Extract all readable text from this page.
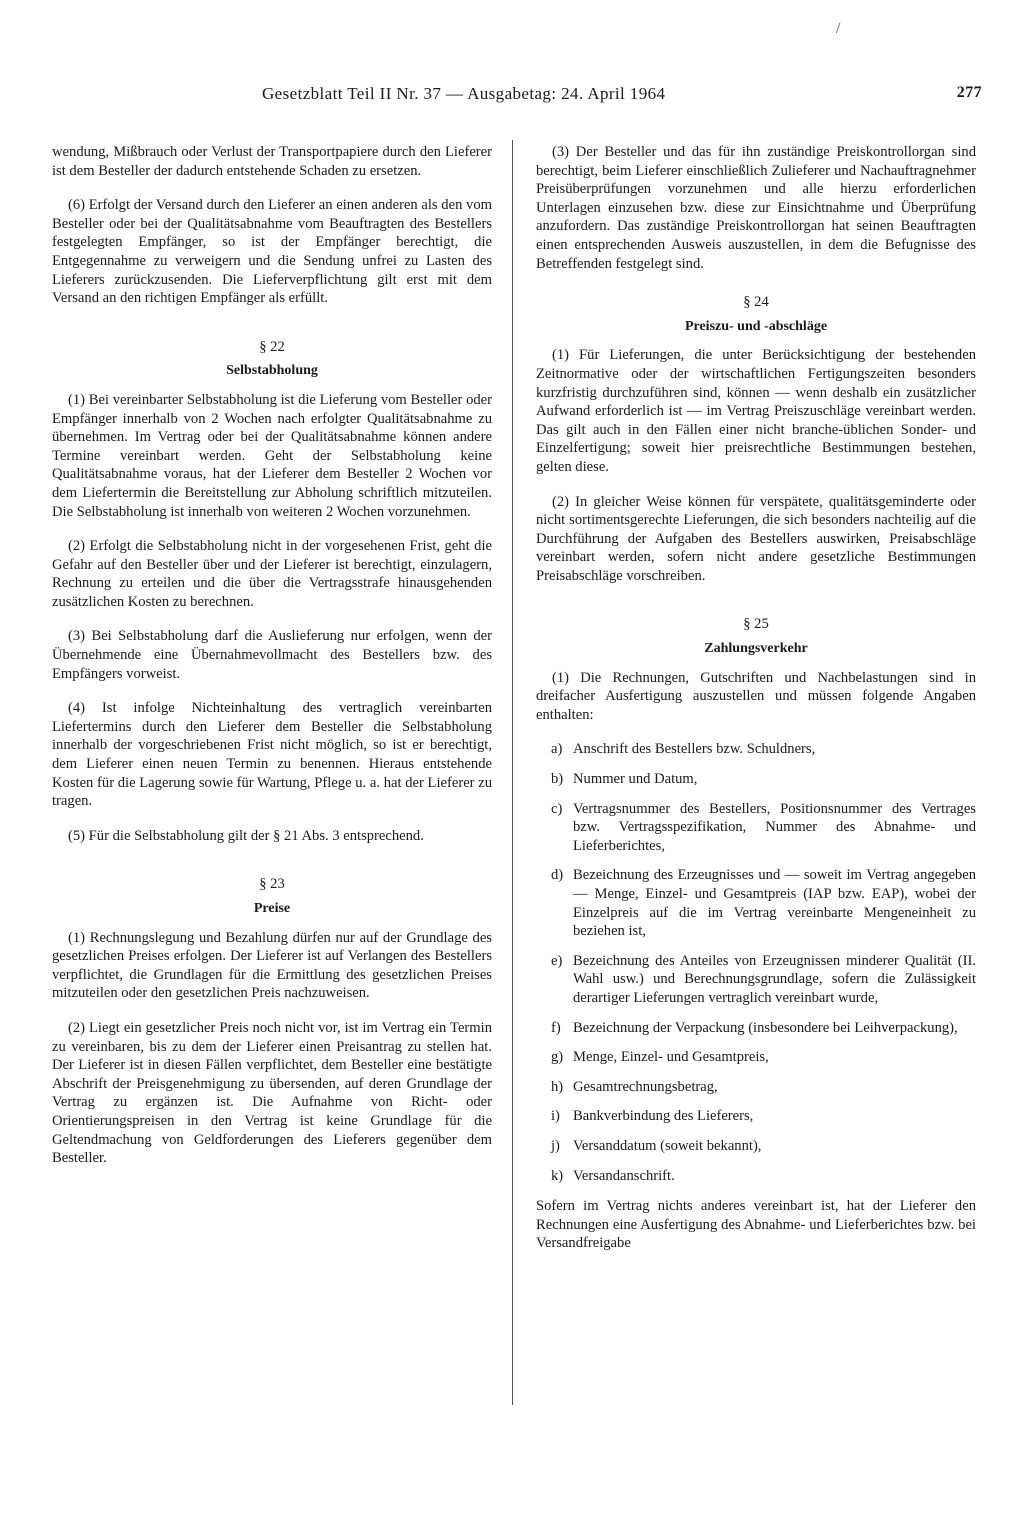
/
Gesetzblatt Teil II Nr. 37 — Ausgabetag: 24. April 1964	277

wendung, Mißbrauch oder Verlust der Transportpapiere durch den Lieferer ist dem Besteller der dadurch entstehende Schaden zu ersetzen.

(6) Erfolgt der Versand durch den Lieferer an einen anderen als den vom Besteller oder bei der Qualitätsabnahme vom Beauftragten des Bestellers festgelegten Empfänger, so ist der Empfänger berechtigt, die Entgegennahme zu verweigern und die Sendung unfrei zu Lasten des Lieferers zurückzusenden. Die Lieferverpflichtung gilt erst mit dem Versand an den richtigen Empfänger als erfüllt.

§ 22
Selbstabholung

(1) Bei vereinbarter Selbstabholung ist die Lieferung vom Besteller oder Empfänger innerhalb von 2 Wochen nach erfolgter Qualitätsabnahme zu übernehmen. Im Vertrag oder bei der Qualitätsabnahme können andere Termine vereinbart werden. Geht der Selbstabholung keine Qualitätsabnahme voraus, hat der Lieferer dem Besteller 2 Wochen vor dem Liefertermin die Bereitstellung zur Abholung schriftlich mitzuteilen. Die Selbstabholung ist innerhalb von weiteren 2 Wochen vorzunehmen.

(2) Erfolgt die Selbstabholung nicht in der vorgesehenen Frist, geht die Gefahr auf den Besteller über und der Lieferer ist berechtigt, einzulagern, Rechnung zu erteilen und die über die Vertragsstrafe hinausgehenden zusätzlichen Kosten zu berechnen.

(3) Bei Selbstabholung darf die Auslieferung nur erfolgen, wenn der Übernehmende eine Übernahmevollmacht des Bestellers bzw. des Empfängers vorweist.

(4) Ist infolge Nichteinhaltung des vertraglich vereinbarten Liefertermins durch den Lieferer dem Besteller die Selbstabholung innerhalb der vorgeschriebenen Frist nicht möglich, so ist er berechtigt, dem Lieferer einen neuen Termin zu benennen. Hieraus entstehende Kosten für die Lagerung sowie für Wartung, Pflege u. a. hat der Lieferer zu tragen.

(5) Für die Selbstabholung gilt der § 21 Abs. 3 entsprechend.

§ 23
Preise

(1) Rechnungslegung und Bezahlung dürfen nur auf der Grundlage des gesetzlichen Preises erfolgen. Der Lieferer ist auf Verlangen des Bestellers verpflichtet, die Grundlagen für die Ermittlung des gesetzlichen Preises mitzuteilen oder den gesetzlichen Preis nachzuweisen.

(2) Liegt ein gesetzlicher Preis noch nicht vor, ist im Vertrag ein Termin zu vereinbaren, bis zu dem der Lieferer einen Preisantrag zu stellen hat. Der Lieferer ist in diesen Fällen verpflichtet, dem Besteller eine bestätigte Abschrift der Preisgenehmigung zu übersenden, auf deren Grundlage der Vertrag zu ergänzen ist. Die Aufnahme von Richt- oder Orientierungspreisen in den Vertrag ist keine Grundlage für die Geltendmachung von Geldforderungen des Lieferers gegenüber dem Besteller.

(3) Der Besteller und das für ihn zuständige Preiskontrollorgan sind berechtigt, beim Lieferer einschließlich Zulieferer und Nachauftragnehmer Preisüberprüfungen vorzunehmen und alle hierzu erforderlichen Unterlagen einzusehen bzw. diese zur Einsichtnahme und Überprüfung anzufordern. Das zuständige Preiskontrollorgan hat seinen Beauftragten einen entsprechenden Ausweis auszustellen, in dem die Befugnisse des Betreffenden festgelegt sind.

§ 24
Preiszu- und -abschläge

(1) Für Lieferungen, die unter Berücksichtigung der bestehenden Zeitnormative oder der wirtschaftlichen Fertigungszeiten besonders kurzfristig durchzuführen sind, können — wenn deshalb ein zusätzlicher Aufwand erforderlich ist — im Vertrag Preiszuschläge vereinbart werden. Das gilt auch in den Fällen einer nicht branche-üblichen Sonder- und Einzelfertigung; soweit hier preisrechtliche Bestimmungen bestehen, gelten diese.

(2) In gleicher Weise können für verspätete, qualitätsgeminderte oder nicht sortimentsgerechte Lieferungen, die sich besonders nachteilig auf die Durchführung der Aufgaben des Bestellers auswirken, Preisabschläge vereinbart werden, sofern nicht andere gesetzliche Bestimmungen Preisabschläge vorschreiben.

§ 25
Zahlungsverkehr

(1) Die Rechnungen, Gutschriften und Nachbelastungen sind in dreifacher Ausfertigung auszustellen und müssen folgende Angaben enthalten:

a) Anschrift des Bestellers bzw. Schuldners,
b) Nummer und Datum,
c) Vertragsnummer des Bestellers, Positionsnummer des Vertrages bzw. Vertragsspezifikation, Nummer des Abnahme- und Lieferberichtes,
d) Bezeichnung des Erzeugnisses und — soweit im Vertrag angegeben — Menge, Einzel- und Gesamtpreis (IAP bzw. EAP), wobei der Einzelpreis auf die im Vertrag vereinbarte Mengeneinheit zu beziehen ist,
e) Bezeichnung des Anteiles von Erzeugnissen minderer Qualität (II. Wahl usw.) und Berechnungsgrundlage, sofern die Zulässigkeit derartiger Lieferungen vertraglich vereinbart wurde,
f) Bezeichnung der Verpackung (insbesondere bei Leihverpackung),
g) Menge, Einzel- und Gesamtpreis,
h) Gesamtrechnungsbetrag,
i) Bankverbindung des Lieferers,
j) Versanddatum (soweit bekannt),
k) Versandanschrift.

Sofern im Vertrag nichts anderes vereinbart ist, hat der Lieferer den Rechnungen eine Ausfertigung des Abnahme- und Lieferberichtes bzw. bei Versandfreigabe
